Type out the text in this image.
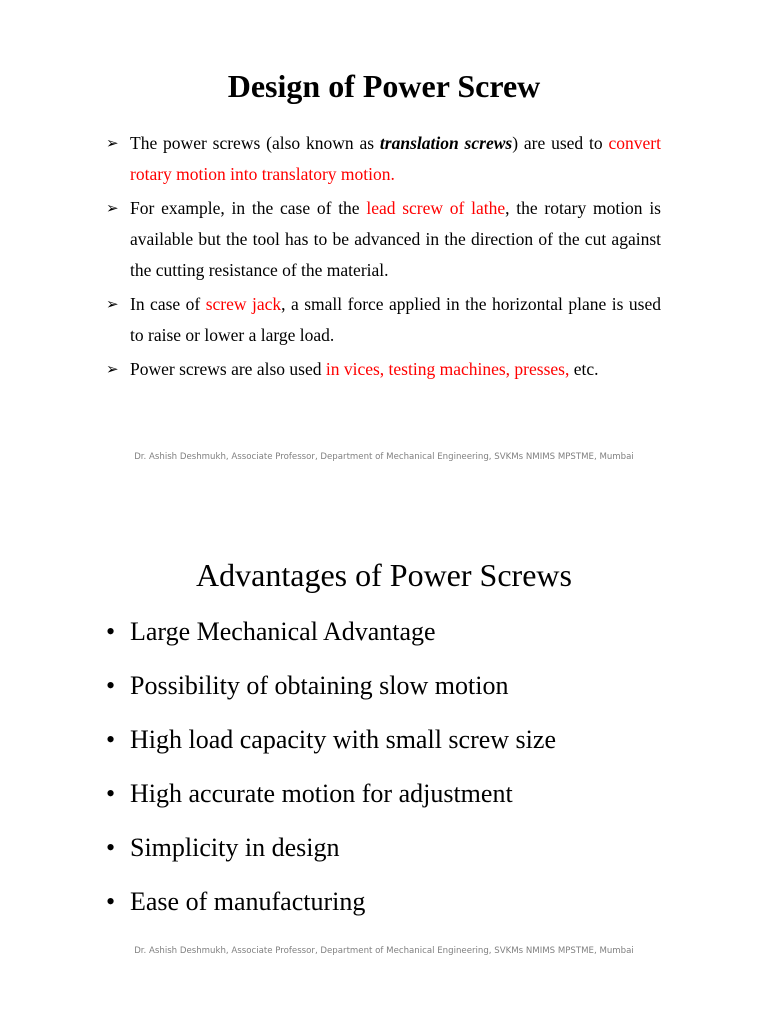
Design of Power Screw
➢ The power screws (also known as translation screws) are used to convert rotary motion into translatory motion.
➢ For example, in the case of the lead screw of lathe, the rotary motion is available but the tool has to be advanced in the direction of the cut against the cutting resistance of the material.
➢ In case of screw jack, a small force applied in the horizontal plane is used to raise or lower a large load.
➢ Power screws are also used in vices, testing machines, presses, etc.
Dr. Ashish Deshmukh, Associate Professor, Department of Mechanical Engineering, SVKMs NMIMS MPSTME, Mumbai
Advantages of Power Screws
• Large Mechanical Advantage
• Possibility of obtaining slow motion
• High load capacity with small screw size
• High accurate motion for adjustment
• Simplicity in design
• Ease of manufacturing
Dr. Ashish Deshmukh, Associate Professor, Department of Mechanical Engineering, SVKMs NMIMS MPSTME, Mumbai
